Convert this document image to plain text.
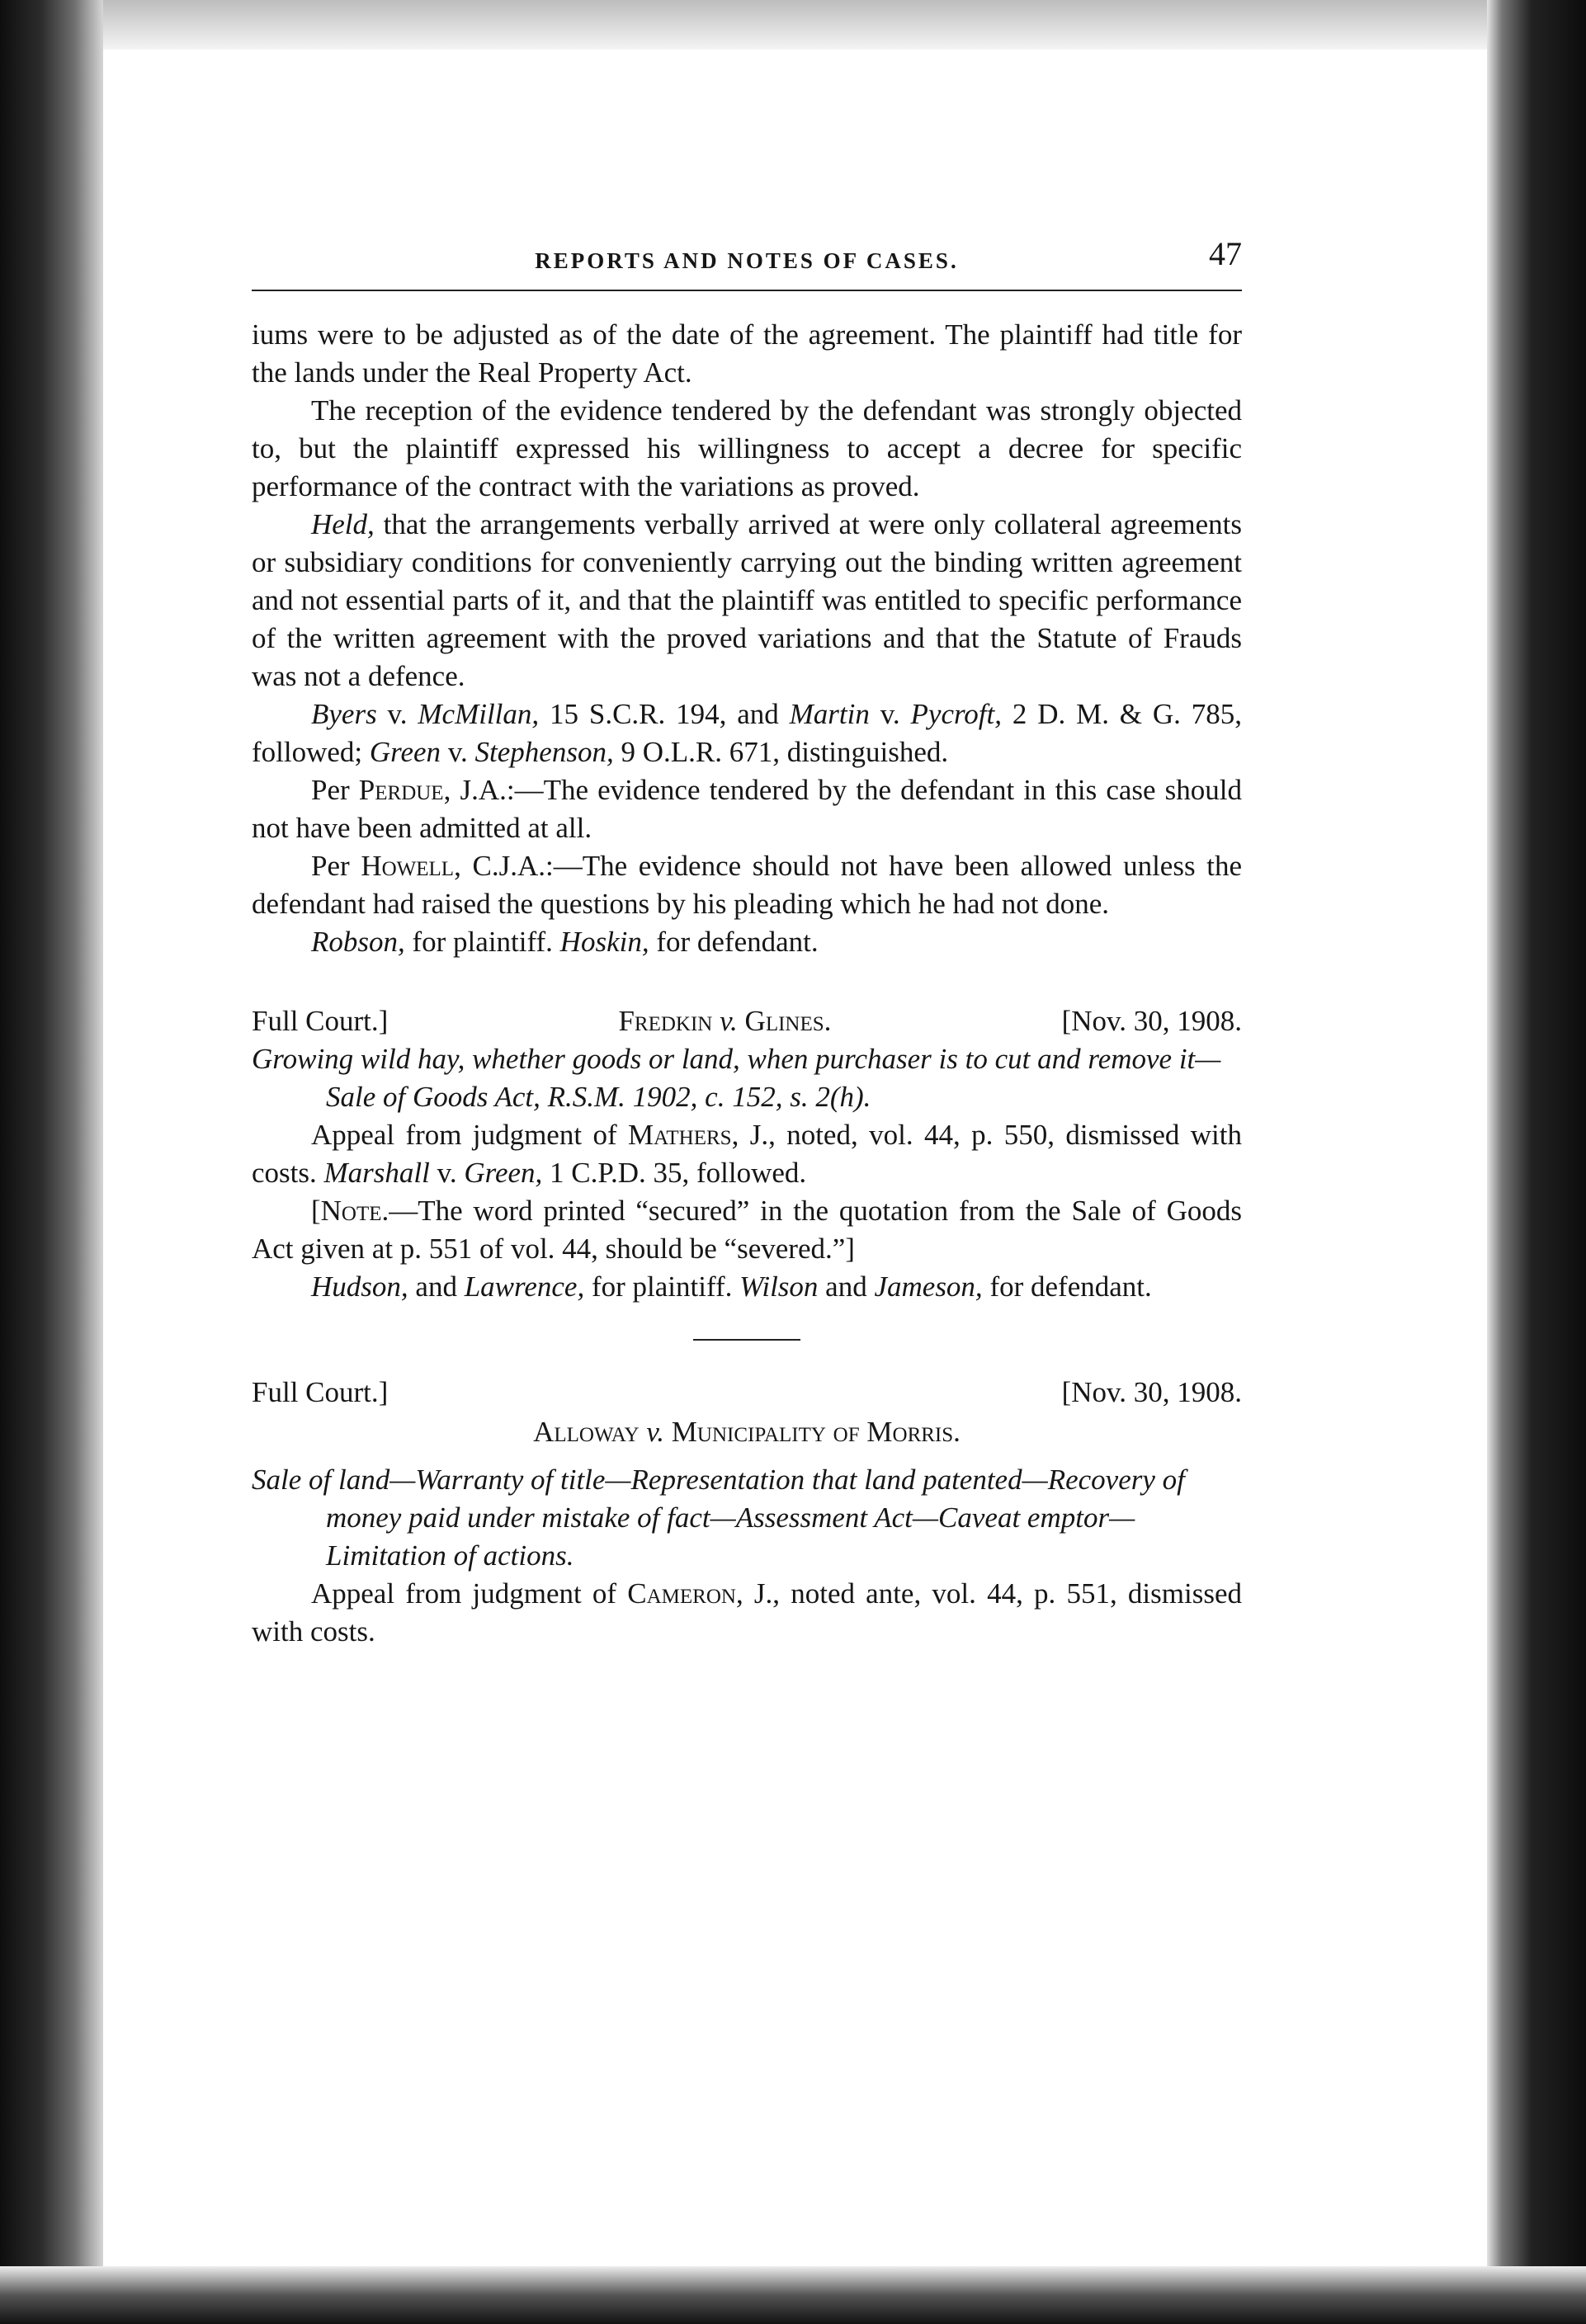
REPORTS AND NOTES OF CASES.	47

iums were to be adjusted as of the date of the agreement. The plaintiff had title for the lands under the Real Property Act.

The reception of the evidence tendered by the defendant was strongly objected to, but the plaintiff expressed his willingness to accept a decree for specific performance of the contract with the variations as proved.

Held, that the arrangements verbally arrived at were only collateral agreements or subsidiary conditions for conveniently carrying out the binding written agreement and not essential parts of it, and that the plaintiff was entitled to specific performance of the written agreement with the proved variations and that the Statute of Frauds was not a defence.

Byers v. McMillan, 15 S.C.R. 194, and Martin v. Pycroft, 2 D. M. & G. 785, followed; Green v. Stephenson, 9 O.L.R. 671, distinguished.

Per Perdue, J.A.:—The evidence tendered by the defendant in this case should not have been admitted at all.

Per Howell, C.J.A.:—The evidence should not have been allowed unless the defendant had raised the questions by his pleading which he had not done.

Robson, for plaintiff. Hoskin, for defendant.

Full Court.]	Fredkin v. Glines.	[Nov. 30, 1908.

Growing wild hay, whether goods or land, when purchaser is to cut and remove it—Sale of Goods Act, R.S.M. 1902, c. 152, s. 2(h).

Appeal from judgment of Mathers, J., noted, vol. 44, p. 550, dismissed with costs. Marshall v. Green, 1 C.P.D. 35, followed.

[Note.—The word printed “secured” in the quotation from the Sale of Goods Act given at p. 551 of vol. 44, should be “severed.”]

Hudson, and Lawrence, for plaintiff. Wilson and Jameson, for defendant.

Full Court.]	[Nov. 30, 1908.
Alloway v. Municipality of Morris.

Sale of land—Warranty of title—Representation that land patented—Recovery of money paid under mistake of fact—Assessment Act—Caveat emptor—Limitation of actions.

Appeal from judgment of Cameron, J., noted ante, vol. 44, p. 551, dismissed with costs.
